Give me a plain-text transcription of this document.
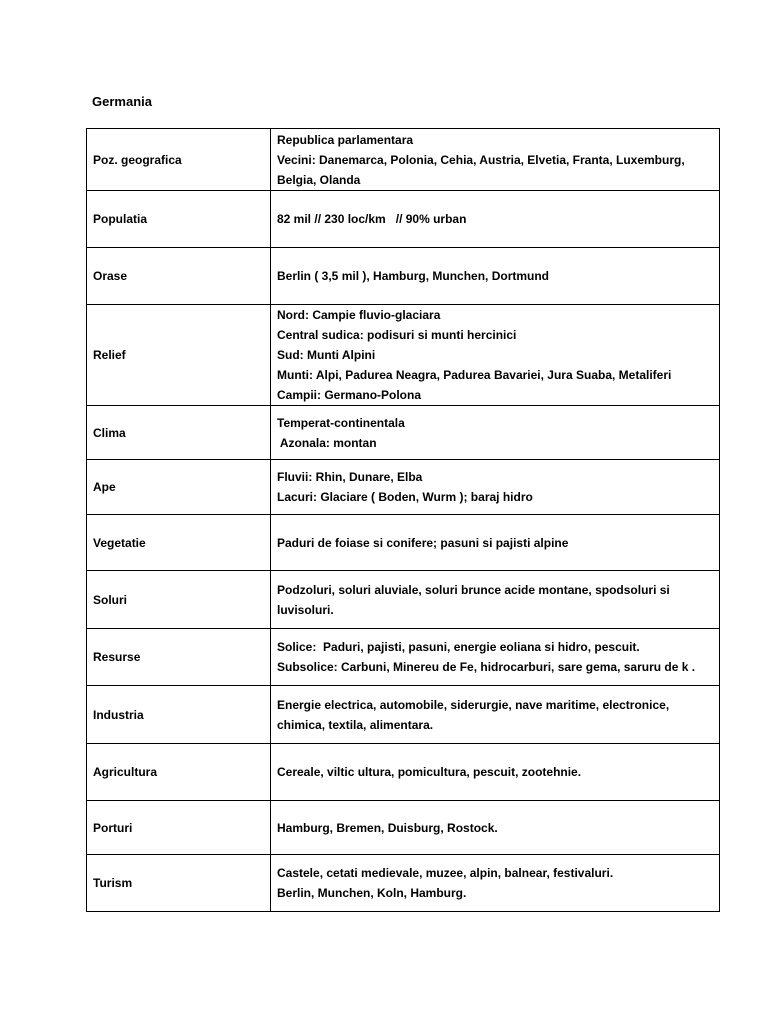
Germania
Poz. geografica	Republica parlamentara
Vecini: Danemarca, Polonia, Cehia, Austria, Elvetia, Franta, Luxemburg, Belgia, Olanda

Populatia	82 mil // 230 loc/km   // 90% urban

Orase	Berlin ( 3,5 mil ), Hamburg, Munchen, Dortmund

Relief	Nord: Campie fluvio-glaciara
Central sudica: podisuri si munti hercinici
Sud: Munti Alpini
Munti: Alpi, Padurea Neagra, Padurea Bavariei, Jura Suaba, Metaliferi
Campii: Germano-Polona

Clima	Temperat-continentala
Azonala: montan

Ape	Fluvii: Rhin, Dunare, Elba
Lacuri: Glaciare ( Boden, Wurm ); baraj hidro

Vegetatie	Paduri de foiase si conifere; pasuni si pajisti alpine

Soluri	Podzoluri, soluri aluviale, soluri brunce acide montane, spodsoluri si luvisoluri.

Resurse	Solice:  Paduri, pajisti, pasuni, energie eoliana si hidro, pescuit.
Subsolice: Carbuni, Minereu de Fe, hidrocarburi, sare gema, saruru de k .

Industria	Energie electrica, automobile, siderurgie, nave maritime, electronice, chimica, textila, alimentara.

Agricultura	Cereale, viltic ultura, pomicultura, pescuit, zootehnie.

Porturi	Hamburg, Bremen, Duisburg, Rostock.

Turism	Castele, cetati medievale, muzee, alpin, balnear, festivaluri.
Berlin, Munchen, Koln, Hamburg.
